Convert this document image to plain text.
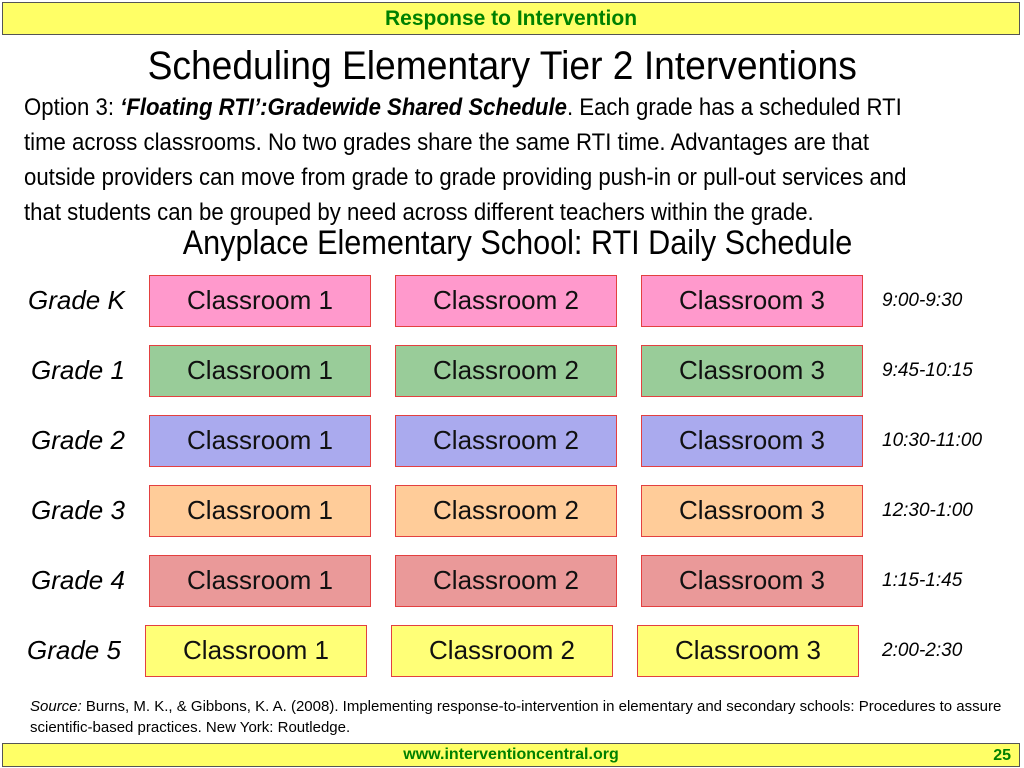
Response to Intervention
Scheduling Elementary Tier 2 Interventions
Option 3: ‘Floating RTI’:Gradewide Shared Schedule. Each grade has a scheduled RTI time across classrooms. No two grades share the same RTI time. Advantages are that outside providers can move from grade to grade providing push-in or pull-out services and that students can be grouped by need across different teachers within the grade.
Anyplace Elementary School: RTI Daily Schedule
Grade K	Classroom 1	Classroom 2	Classroom 3	9:00-9:30
Grade 1	Classroom 1	Classroom 2	Classroom 3	9:45-10:15
Grade 2	Classroom 1	Classroom 2	Classroom 3	10:30-11:00
Grade 3	Classroom 1	Classroom 2	Classroom 3	12:30-1:00
Grade 4	Classroom 1	Classroom 2	Classroom 3	1:15-1:45
Grade 5	Classroom 1	Classroom 2	Classroom 3	2:00-2:30
Source: Burns, M. K., & Gibbons, K. A. (2008). Implementing response-to-intervention in elementary and secondary schools: Procedures to assure scientific-based practices. New York: Routledge.
www.interventioncentral.org	25
